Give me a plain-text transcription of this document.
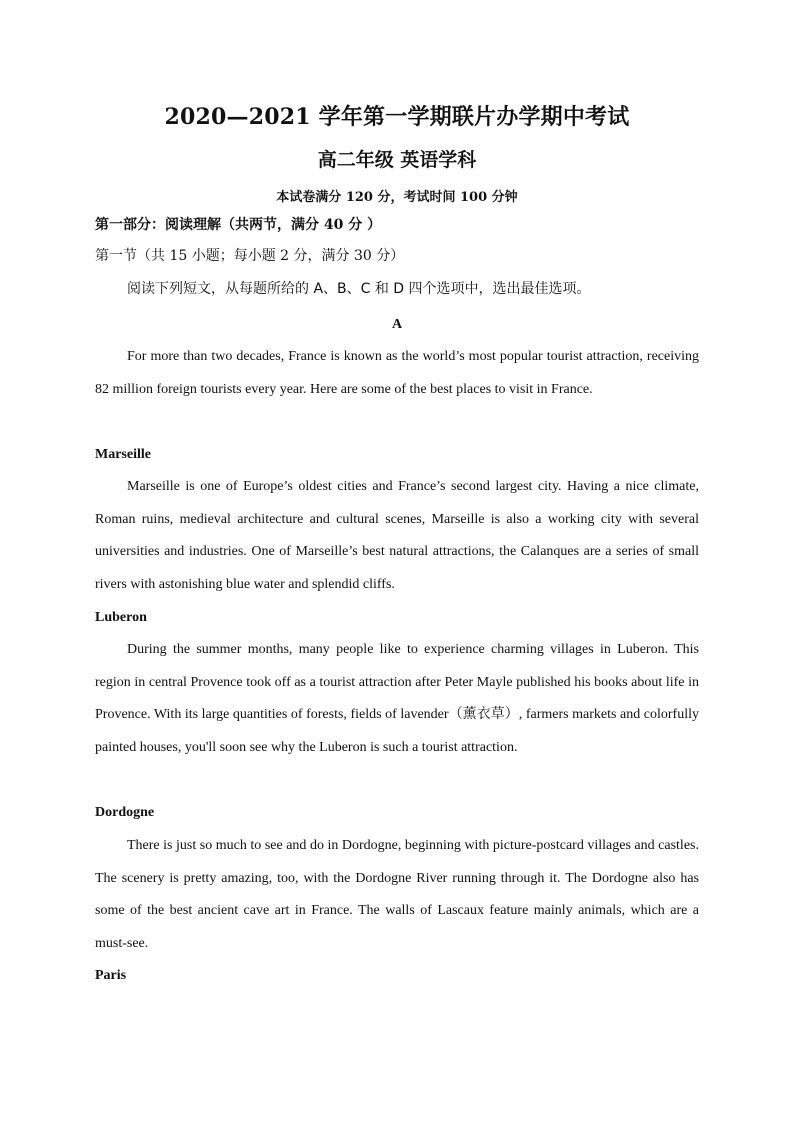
2020—2021 学年第一学期联片办学期中考试
高二年级 英语学科
本试卷满分 120 分，考试时间 100 分钟
第一部分：阅读理解（共两节，满分 40 分 ）
第一节（共 15 小题；每小题 2 分，满分 30 分）
阅读下列短文，从每题所给的 A、B、C 和 D 四个选项中，选出最佳选项。
A

For more than two decades, France is known as the world’s most popular tourist attraction, receiving 82 million foreign tourists every year. Here are some of the best places to visit in France.

Marseille

Marseille is one of Europe’s oldest cities and France’s second largest city. Having a nice climate, Roman ruins, medieval architecture and cultural scenes, Marseille is also a working city with several universities and industries. One of Marseille’s best natural attractions, the Calanques are a series of small rivers with astonishing blue water and splendid cliffs.

Luberon

During the summer months, many people like to experience charming villages in Luberon. This region in central Provence took off as a tourist attraction after Peter Mayle published his books about life in Provence. With its large quantities of forests, fields of lavender（薰衣草）, farmers markets and colorfully painted houses, you'll soon see why the Luberon is such a tourist attraction.

Dordogne

There is just so much to see and do in Dordogne, beginning with picture-postcard villages and castles. The scenery is pretty amazing, too, with the Dordogne River running through it. The Dordogne also has some of the best ancient cave art in France. The walls of Lascaux feature mainly animals, which are a must-see.

Paris
